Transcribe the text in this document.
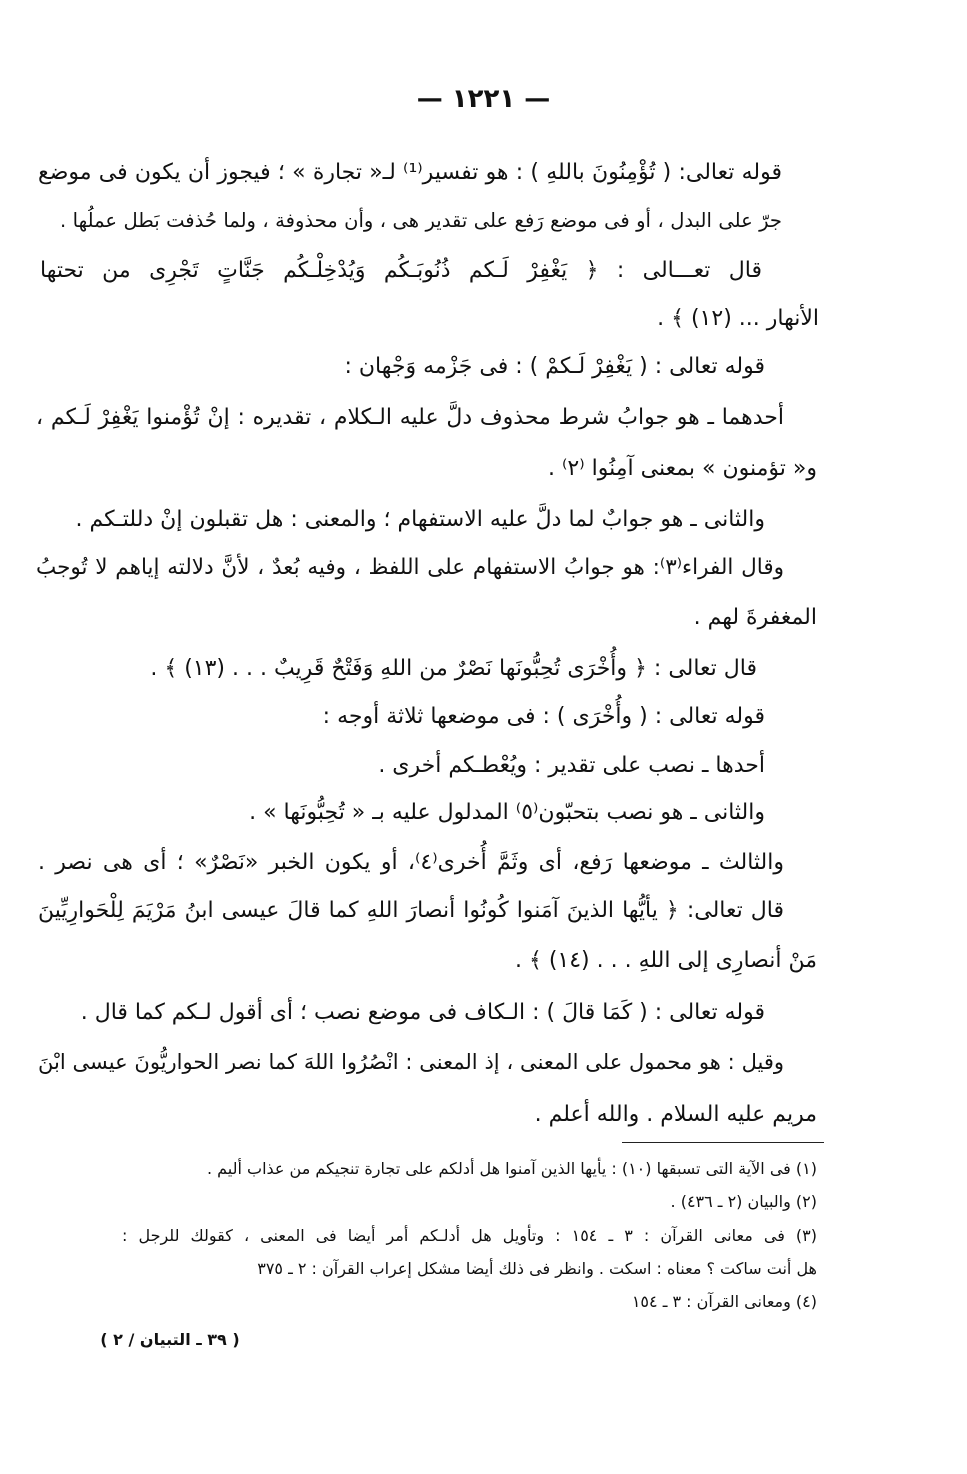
— ١٢٢١ —
قوله تعالى: ( تُؤْمِنُونَ باللهِ ) : هو تفسير⁽¹⁾ لـ« تجارة » ؛ فيجوز أن يكون فى موضع
جرّ على البدل ، أو فى موضع رَفع على تقدير هى ، وأن محذوفة ، ولما حُذفت بَطل عملُها .
قال تعـــالى : ﴿ يَغْفِرْ لَـكم ذُنُوبَـكُم وَيُدْخِلْـكُم جَنَّاتٍ تَجْرِى من تحتها
الأنهار ... (١٢) ﴾ .
قوله تعالى : ( يَغْفِرْ لَـكمْ ) : فى جَزْمه وَجْهان :
أحدهما ـ هو جوابُ شرط محذوف دلَّ عليه الـكلام ، تقديره : إنْ تُؤْمنوا يَغْفِرْ لَـكم ،
و« تؤمنون » بمعنى آمِنُوا ⁽٢⁾ .
والثانى ـ هو جوابٌ لما دلَّ عليه الاستفهام ؛ والمعنى : هل تقبلون إنْ دللتـكم .
وقال الفراء⁽٣⁾: هو جوابُ الاستفهام على اللفظ ، وفيه بُعدٌ ، لأنَّ دلالته إياهم لا تُوجبُ
المغفرةَ لهم .
قال تعالى : ﴿ وأُخْرَى تُحِبُّونَها نَصْرٌ من اللهِ وَفَتْحٌ قَرِيبٌ . . . (١٣) ﴾ .
قوله تعالى : ( وأُخْرَى ) : فى موضعها ثلاثة أوجه :
أحدها ـ نصب على تقدير : ويُعْطـكم أخرى .
والثانى ـ هو نصب بتحبّون⁽٥⁾ المدلول عليه بـ « تُحِبُّونَها » .
والثالث ـ موضعها رَفع، أى وثَمَّ أُخرى⁽٤⁾، أو يكون الخبر «نَصْرٌ» ؛ أى هى نصر .
قال تعالى: ﴿ يأيُّها الذينَ آمَنوا كُونُوا أنصارَ اللهِ كما قالَ عيسى ابنُ مَرْيَمَ لِلْحَوارِيِّينَ
مَنْ أنصارِى إلى اللهِ . . . (١٤) ﴾ .
قوله تعالى : ( كَمَا قالَ ) : الـكاف فى موضع نصب ؛ أى أقول لـكم كما قال .
وقيل : هو محمول على المعنى ، إذ المعنى : انْصُرُوا اللهَ كما نصر الحواريُّونَ عيسى ابْنَ
مريم عليه السلام . والله أعلم .
(١) فى الآية التى تسبقها (١٠) : يأيها الذين آمنوا هل أدلكم على تجارة تنجيكم من عذاب أليم .
(٢) والبيان (٢ ـ ٤٣٦) .
(٣) فى معانى القرآن : ٣ ـ ١٥٤ : وتأويل هل أدلـكم أمر أيضا فى المعنى ، كقولك للرجل :
هل أنت ساكت ؟ معناه : اسكت . وانظر فى ذلك أيضا مشكل إعراب القرآن : ٢ ـ ٣٧٥
(٤) ومعانى القرآن : ٣ ـ ١٥٤
( ٣٩ ـ التبيان / ٢ )
